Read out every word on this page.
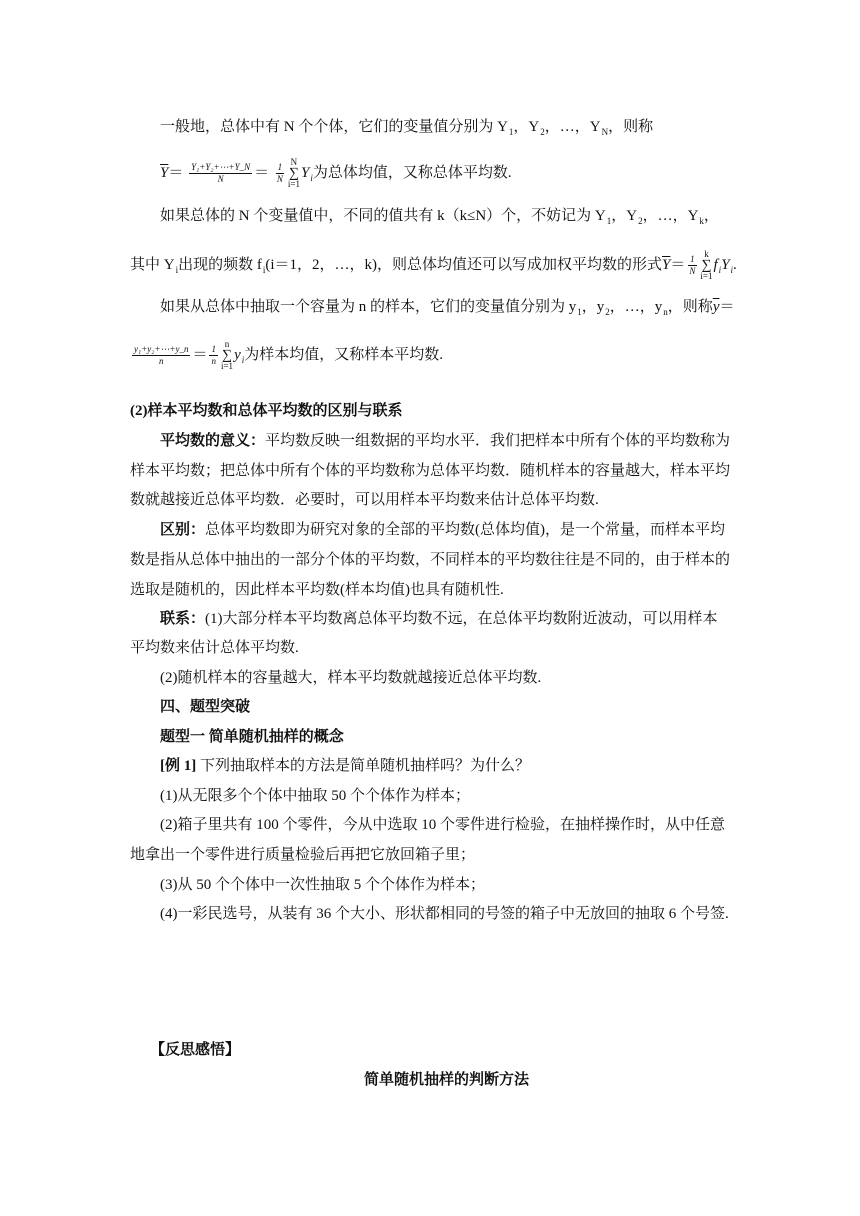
一般地，总体中有 N 个个体，它们的变量值分别为 $Y_1$，$Y_2$，…，$Y_N$，则称
$\overline{Y}= \frac{\text{Y₁+Y₂+⋯+Y\_N}}{N} = \frac{1}{N}$ N
∑
i=1
$Y_i$为总体均值，又称总体平均数.
如果总体的 N 个变量值中，不同的值共有 k（k≤N）个，不妨记为 $Y_1$，$Y_2$，…，$Y_k$，
其中 $Y_i$出现的频数 $f_i(i=1$，2，…，k)，则总体均值还可以写成加权平均数的形式$\overline{Y}= \frac{1}{N}$ k
∑
i=1
$f_iY_i$.
如果从总体中抽取一个容量为 n 的样本，它们的变量值分别为 $y_1$，$y_2$，…，$y_n$，则称$\overline{y}=$
$\frac{\text{y₁+y₂+⋯+y\_n}}{n} = \frac{1}{n}$ n
∑
i=1
$y_i$为样本均值，又称样本平均数.
(2)样本平均数和总体平均数的区别与联系
平均数的意义：平均数反映一组数据的平均水平．我们把样本中所有个体的平均数称为
样本平均数；把总体中所有个体的平均数称为总体平均数．随机样本的容量越大，样本平均
数就越接近总体平均数．必要时，可以用样本平均数来估计总体平均数.
区别：总体平均数即为研究对象的全部的平均数(总体均值)，是一个常量，而样本平均
数是指从总体中抽出的一部分个体的平均数，不同样本的平均数往往是不同的，由于样本的
选取是随机的，因此样本平均数(样本均值)也具有随机性.
联系：(1)大部分样本平均数离总体平均数不远，在总体平均数附近波动，可以用样本
平均数来估计总体平均数.
(2)随机样本的容量越大，样本平均数就越接近总体平均数.
四、题型突破
题型一 简单随机抽样的概念
[例 1] 下列抽取样本的方法是简单随机抽样吗？为什么？
(1)从无限多个个体中抽取 50 个个体作为样本；
(2)箱子里共有 100 个零件，今从中选取 10 个零件进行检验，在抽样操作时，从中任意
地拿出一个零件进行质量检验后再把它放回箱子里；
(3)从 50 个个体中一次性抽取 5 个个体作为样本；
(4)一彩民选号，从装有 36 个大小、形状都相同的号签的箱子中无放回的抽取 6 个号签.
【反思感悟】
简单随机抽样的判断方法
